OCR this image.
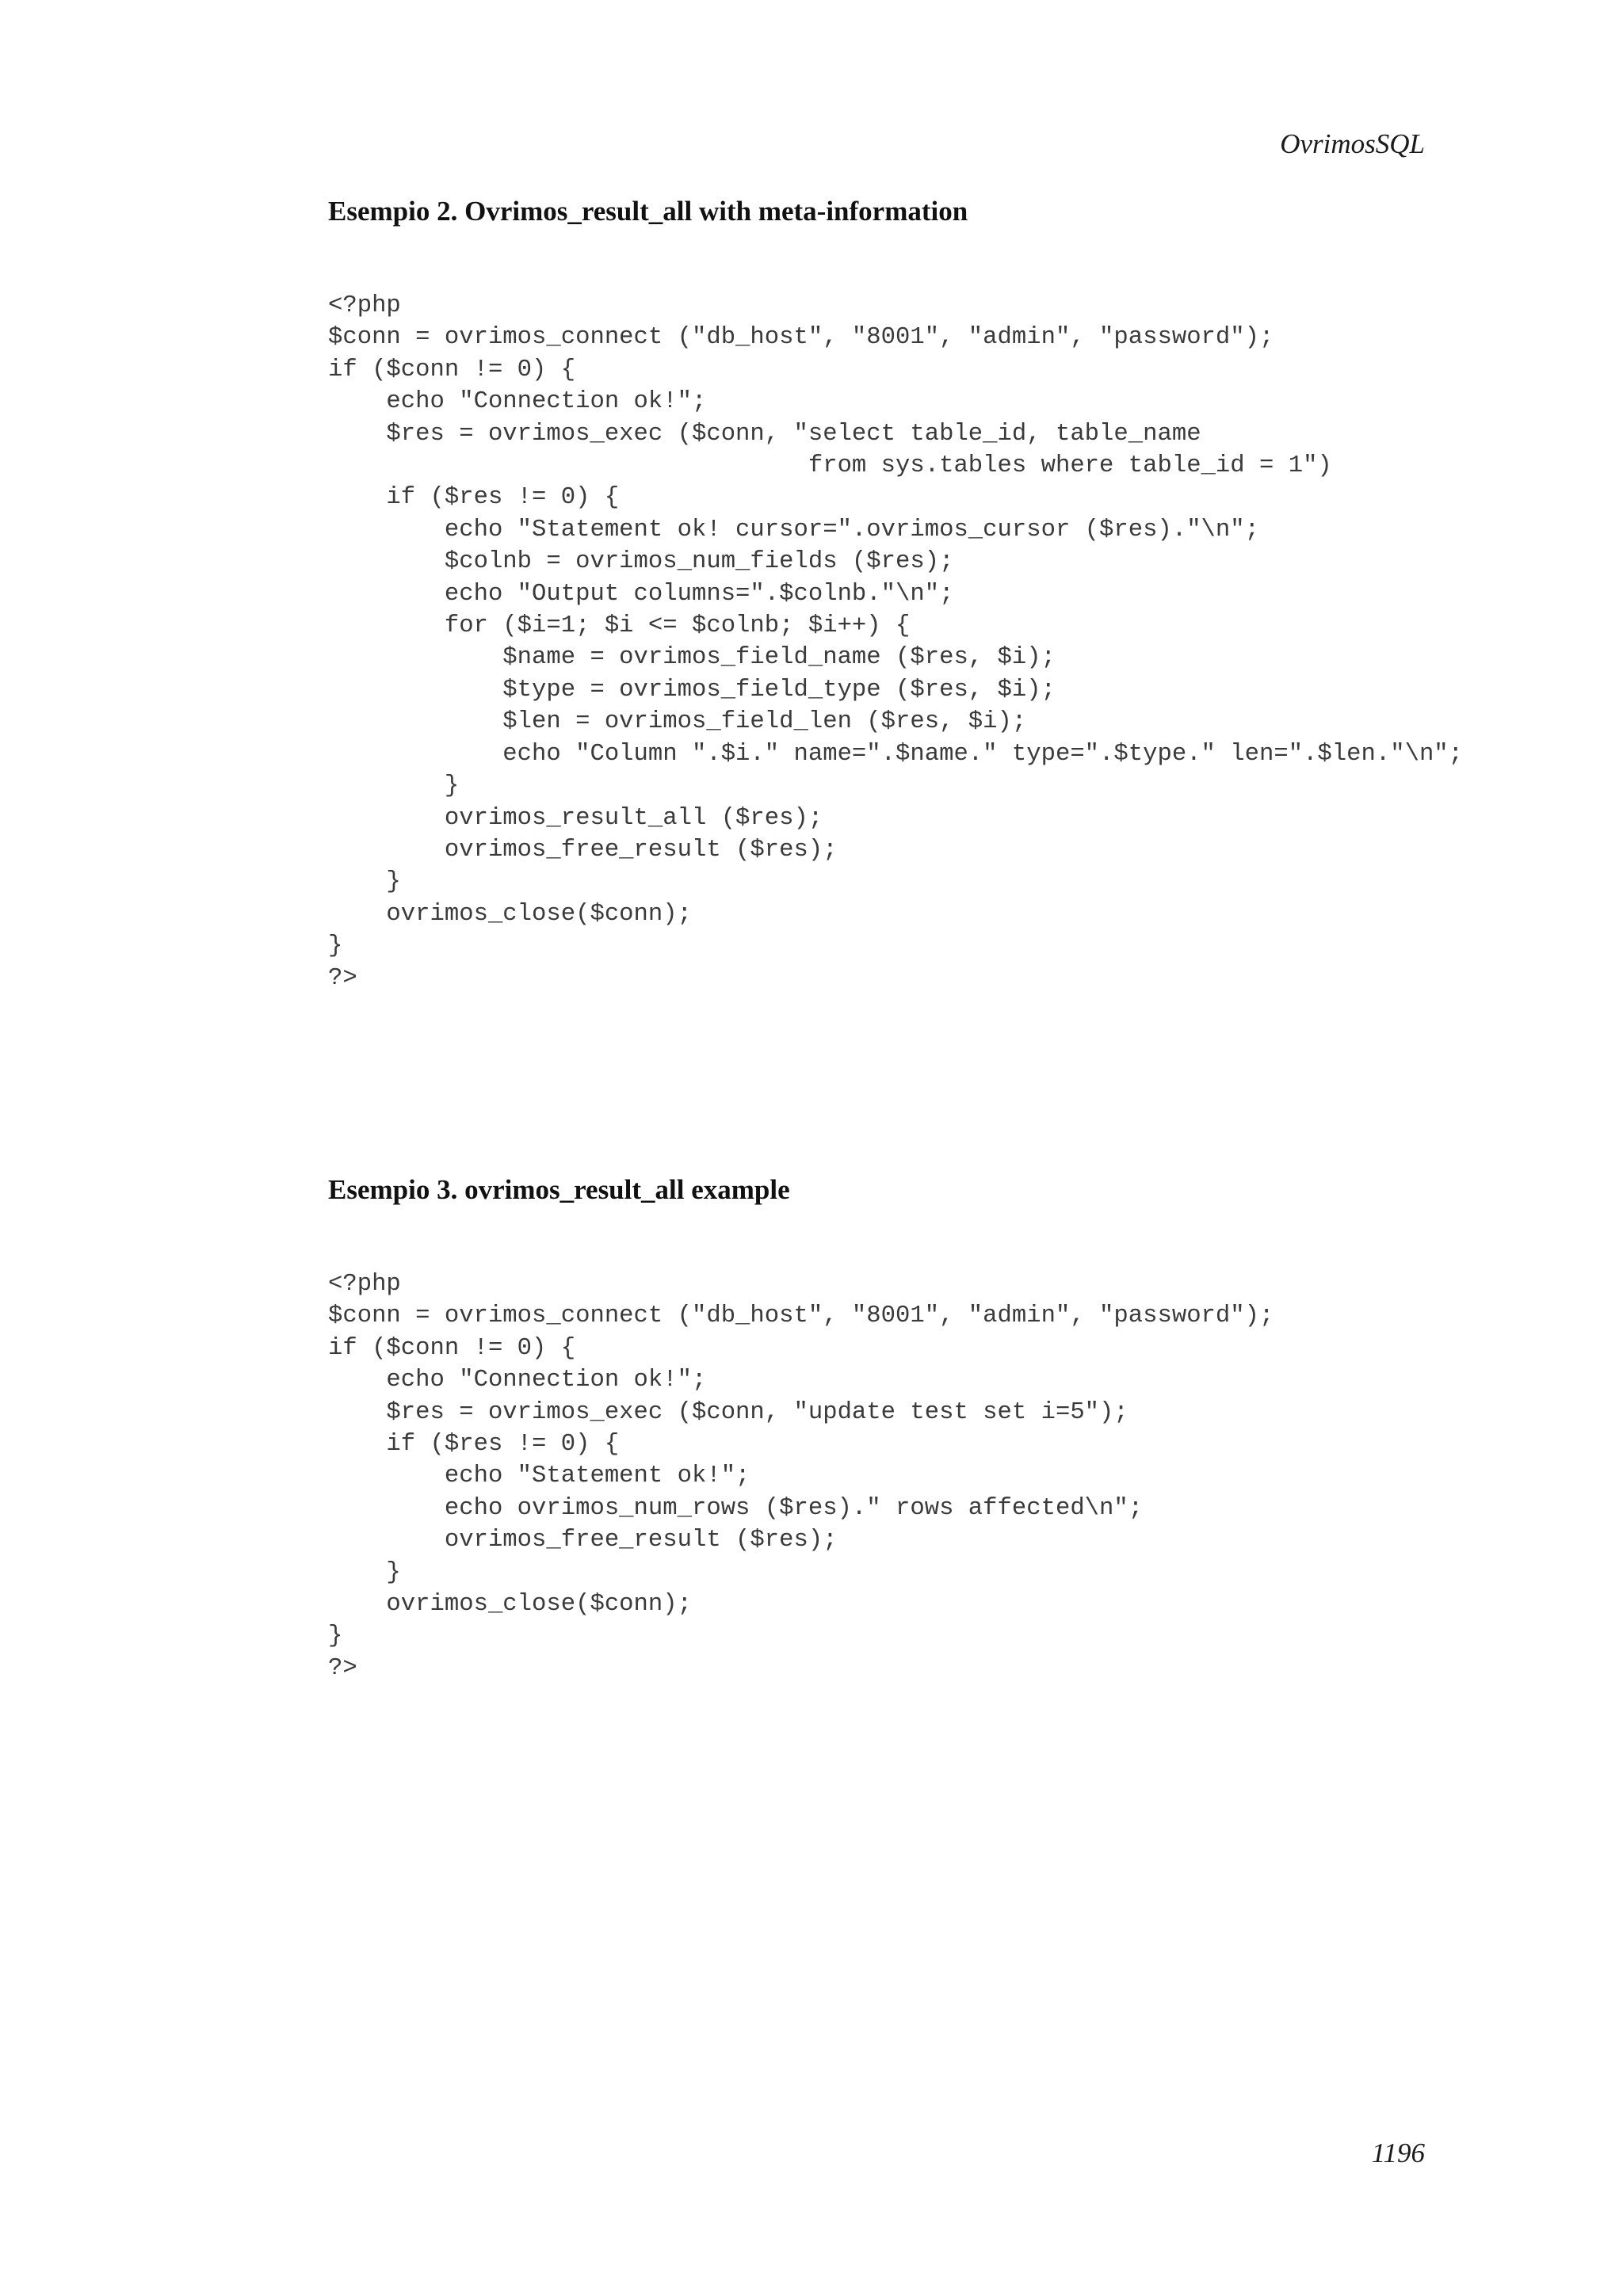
OvrimosSQL

Esempio 2. Ovrimos_result_all with meta-information
<?php
$conn = ovrimos_connect ("db_host", "8001", "admin", "password");
if ($conn != 0) {
echo "Connection ok!";
$res = ovrimos_exec ($conn, "select table_id, table_name
from sys.tables where table_id = 1")
if ($res != 0) {
echo "Statement ok! cursor=".ovrimos_cursor ($res)."\n";
$colnb = ovrimos_num_fields ($res);
echo "Output columns=".$colnb."\n";
for ($i=1; $i <= $colnb; $i++) {
$name = ovrimos_field_name ($res, $i);
$type = ovrimos_field_type ($res, $i);
$len = ovrimos_field_len ($res, $i);
echo "Column ".$i." name=".$name." type=".$type." len=".$len."\n";
}
ovrimos_result_all ($res);
ovrimos_free_result ($res);
}
ovrimos_close($conn);
}
?>
Esempio 3. ovrimos_result_all example
<?php
$conn = ovrimos_connect ("db_host", "8001", "admin", "password");
if ($conn != 0) {
echo "Connection ok!";
$res = ovrimos_exec ($conn, "update test set i=5");
if ($res != 0) {
echo "Statement ok!";
echo ovrimos_num_rows ($res)." rows affected\n";
ovrimos_free_result ($res);
}
ovrimos_close($conn);
}
?>

1196
